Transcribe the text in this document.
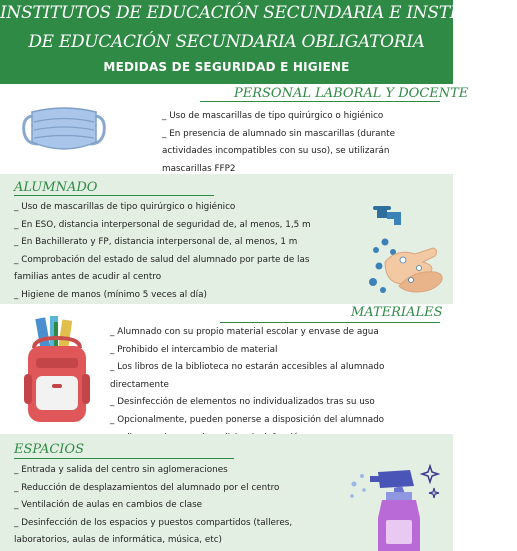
INSTITUTOS DE EDUCACIÓN SECUNDARIA E INSTITUTOS
DE EDUCACIÓN SECUNDARIA OBLIGATORIA
MEDIDAS DE SEGURIDAD E HIGIENE
PERSONAL LABORAL Y DOCENTE
_ Uso de mascarillas de tipo quirúrgico o higiénico
_ En presencia de alumnado sin mascarillas (durante
actividades incompatibles con su uso), se utilizarán
mascarillas FFP2
ALUMNADO
_ Uso de mascarillas de tipo quirúrgico o higiénico
_ En ESO, distancia interpersonal de seguridad de, al menos, 1,5 m
_ En Bachillerato y FP, distancia interpersonal de, al menos, 1 m
_ Comprobación del estado de salud del alumnado por parte de las
familias antes de acudir al centro
_ Higiene de manos (mínimo 5 veces al día)
MATERIALES
_ Alumnado con su propio material escolar y envase de agua
_ Prohibido el intercambio de material
_ Los libros de la biblioteca no estarán accesibles al alumnado
directamente
_ Desinfección de elementos no individualizados tras su uso
_ Opcionalmente, pueden ponerse a disposición del alumnado
ESPACIOS
_ Entrada y salida del centro sin aglomeraciones
_ Reducción de desplazamientos del alumnado por el centro
_ Ventilación de aulas en cambios de clase
_ Desinfección de los espacios y puestos compartidos (talleres,
laboratorios, aulas de informática, música, etc)
